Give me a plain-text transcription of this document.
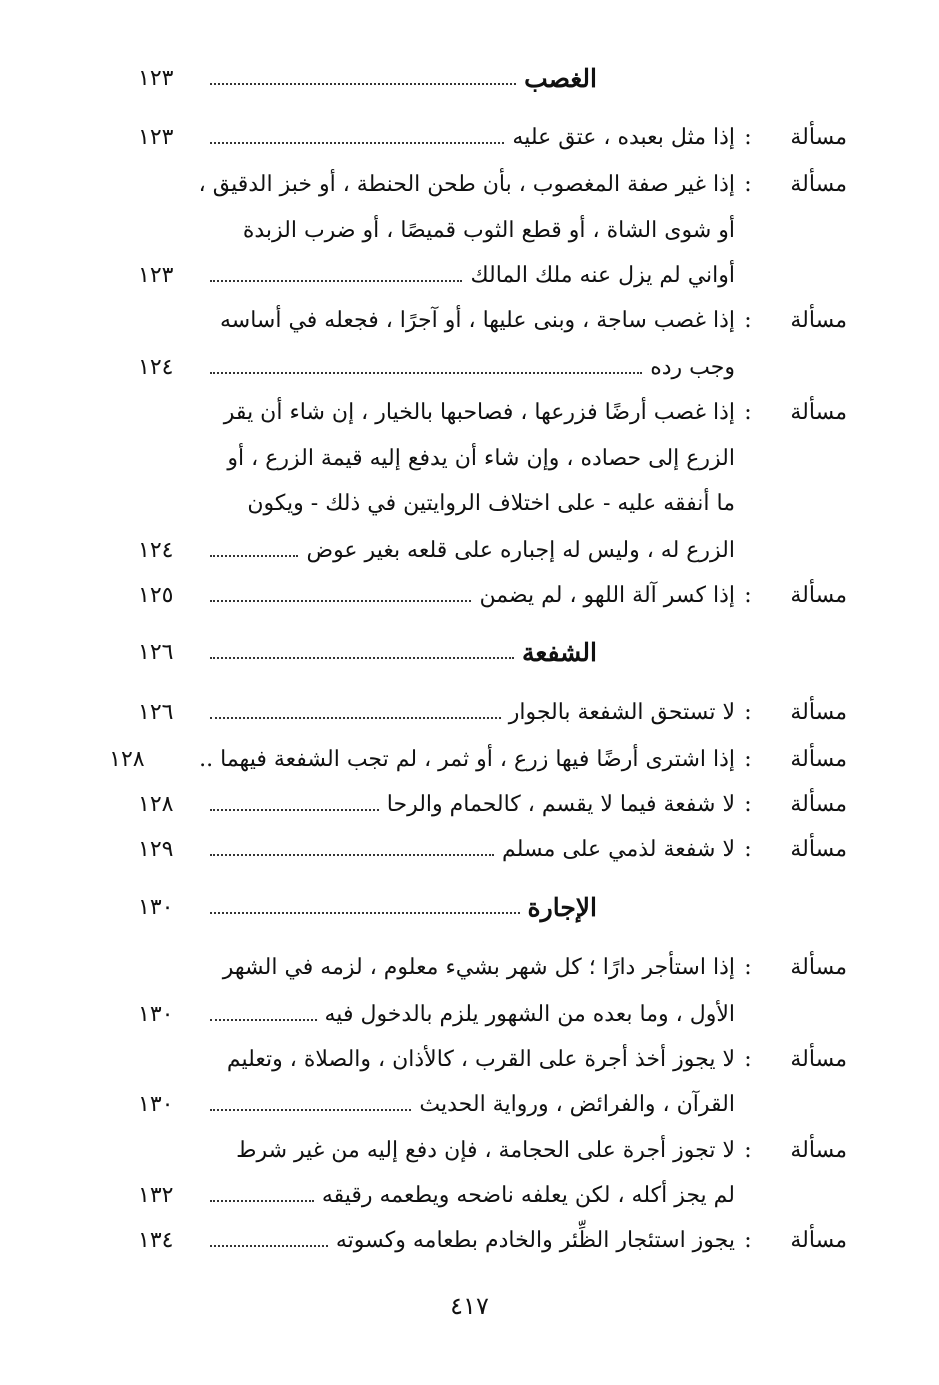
الغصب
١٢٣
مسألة
:
إذا مثل بعبده ، عتق عليه
١٢٣
مسألة
:
إذا غير صفة المغصوب ، بأن طحن الحنطة ، أو خبز الدقيق ،
أو شوى الشاة ، أو قطع الثوب قميصًا ، أو ضرب الزبدة
أواني لم يزل عنه ملك المالك
١٢٣
مسألة
:
إذا غصب ساجة ، وبنى عليها ، أو آجرًا ، فجعله في أساسه
وجب رده
١٢٤
مسألة
:
إذا غصب أرضًا فزرعها ، فصاحبها بالخيار ، إن شاء أن يقر
الزرع إلى حصاده ، وإن شاء أن يدفع إليه قيمة الزرع ، أو
ما أنفقه عليه - على اختلاف الروايتين في ذلك - ويكون
الزرع له ، وليس له إجباره على قلعه بغير عوض
١٢٤
مسألة
:
إذا كسر آلة اللهو ، لم يضمن
١٢٥
الشفعة
١٢٦
مسألة
:
لا تستحق الشفعة بالجوار
١٢٦
مسألة
:
إذا اشترى أرضًا فيها زرع ، أو ثمر ، لم تجب الشفعة فيهما ..
١٢٨
مسألة
:
لا شفعة فيما لا يقسم ، كالحمام والرحا
١٢٨
مسألة
:
لا شفعة لذمي على مسلم
١٢٩
الإجارة
١٣٠
مسألة
:
إذا استأجر دارًا ؛ كل شهر بشيء معلوم ، لزمه في الشهر
الأول ، وما بعده من الشهور يلزم بالدخول فيه
١٣٠
مسألة
:
لا يجوز أخذ أجرة على القرب ، كالأذان ، والصلاة ، وتعليم
القرآن ، والفرائض ، ورواية الحديث
١٣٠
مسألة
:
لا تجوز أجرة على الحجامة ، فإن دفع إليه من غير شرط
لم يجز أكله ، لكن يعلفه ناضحه ويطعمه رقيقه
١٣٢
مسألة
:
يجوز استئجار الظِّئر والخادم بطعامه وكسوته
١٣٤
٤١٧
